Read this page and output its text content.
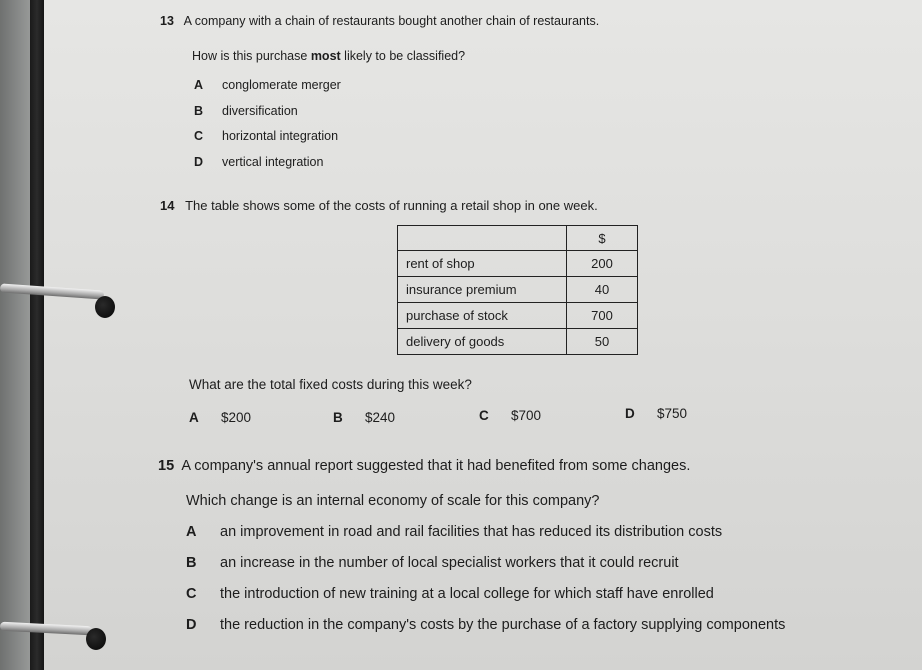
13 A company with a chain of restaurants bought another chain of restaurants.
How is this purchase most likely to be classified?
A conglomerate merger
B diversification
C horizontal integration
D vertical integration
14 The table shows some of the costs of running a retail shop in one week.
	$
rent of shop	200
insurance premium	40
purchase of stock	700
delivery of goods	50
What are the total fixed costs during this week?
A $200	B $240	C $700	D $750
15 A company's annual report suggested that it had benefited from some changes.
Which change is an internal economy of scale for this company?
A an improvement in road and rail facilities that has reduced its distribution costs
B an increase in the number of local specialist workers that it could recruit
C the introduction of new training at a local college for which staff have enrolled
D the reduction in the company's costs by the purchase of a factory supplying components
